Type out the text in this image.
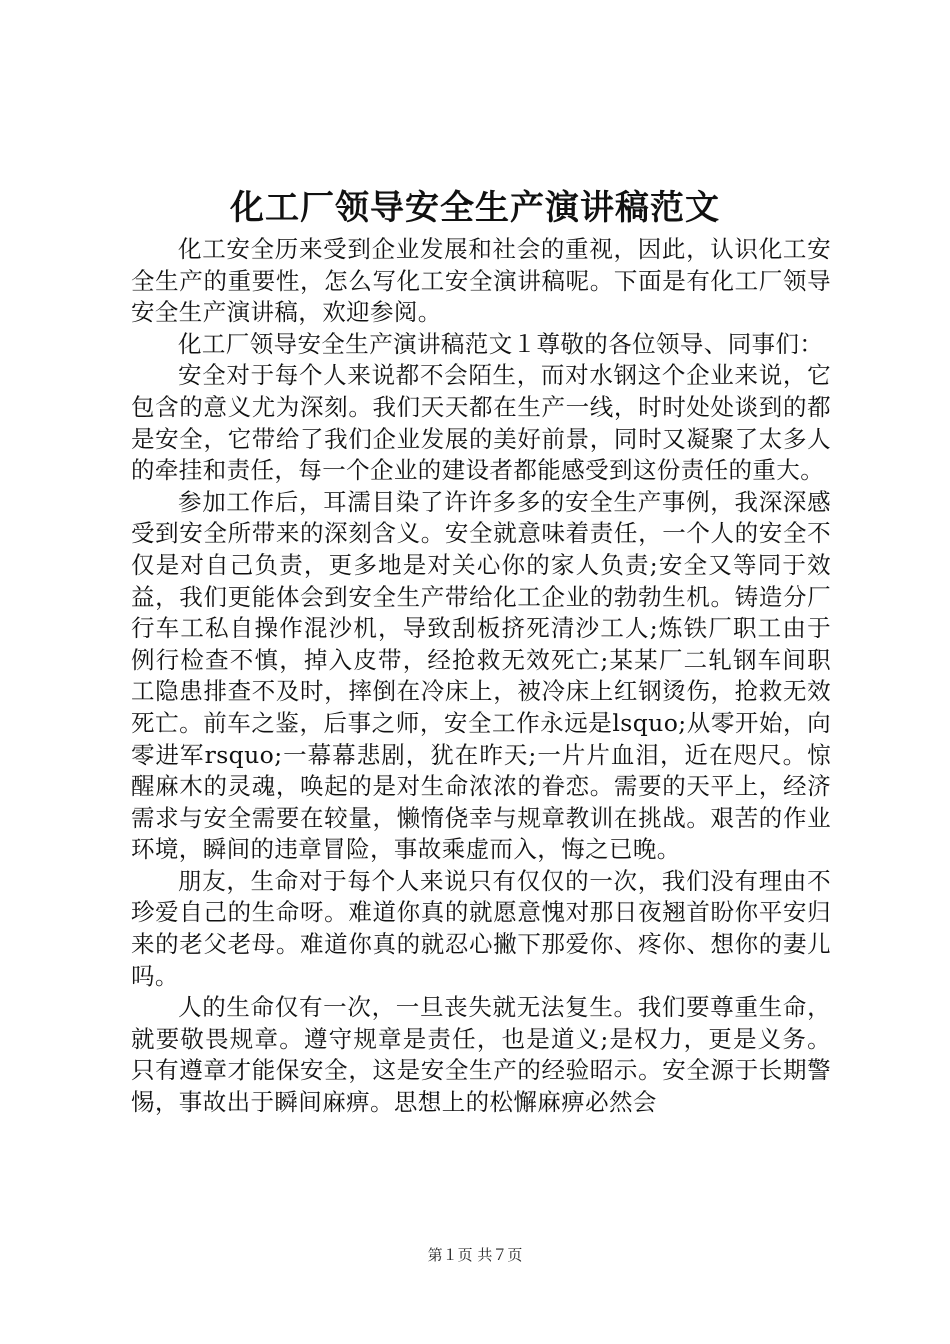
化工厂领导安全生产演讲稿范文

化工安全历来受到企业发展和社会的重视，因此，认识化工安全生产的重要性，怎么写化工安全演讲稿呢。下面是有化工厂领导安全生产演讲稿，欢迎参阅。

化工厂领导安全生产演讲稿范文１尊敬的各位领导、同事们：

安全对于每个人来说都不会陌生，而对水钢这个企业来说，它包含的意义尤为深刻。我们天天都在生产一线，时时处处谈到的都是安全，它带给了我们企业发展的美好前景，同时又凝聚了太多人的牵挂和责任，每一个企业的建设者都能感受到这份责任的重大。

参加工作后，耳濡目染了许许多多的安全生产事例，我深深感受到安全所带来的深刻含义。安全就意味着责任，一个人的安全不仅是对自己负责，更多地是对关心你的家人负责;安全又等同于效益，我们更能体会到安全生产带给化工企业的勃勃生机。铸造分厂行车工私自操作混沙机，导致刮板挤死清沙工人;炼铁厂职工由于例行检查不慎，掉入皮带，经抢救无效死亡;某某厂二轧钢车间职工隐患排查不及时，摔倒在冷床上，被冷床上红钢烫伤，抢救无效死亡。前车之鉴，后事之师，安全工作永远是lsquo;从零开始，向零进军rsquo;一幕幕悲剧，犹在昨天;一片片血泪，近在咫尺。惊醒麻木的灵魂，唤起的是对生命浓浓的眷恋。需要的天平上，经济需求与安全需要在较量，懒惰侥幸与规章教训在挑战。艰苦的作业环境，瞬间的违章冒险，事故乘虚而入，悔之已晚。

朋友，生命对于每个人来说只有仅仅的一次，我们没有理由不珍爱自己的生命呀。难道你真的就愿意愧对那日夜翘首盼你平安归来的老父老母。难道你真的就忍心撇下那爱你、疼你、想你的妻儿吗。

人的生命仅有一次，一旦丧失就无法复生。我们要尊重生命，就要敬畏规章。遵守规章是责任，也是道义;是权力，更是义务。只有遵章才能保安全，这是安全生产的经验昭示。安全源于长期警惕，事故出于瞬间麻痹。思想上的松懈麻痹必然会

第１页 共７页
